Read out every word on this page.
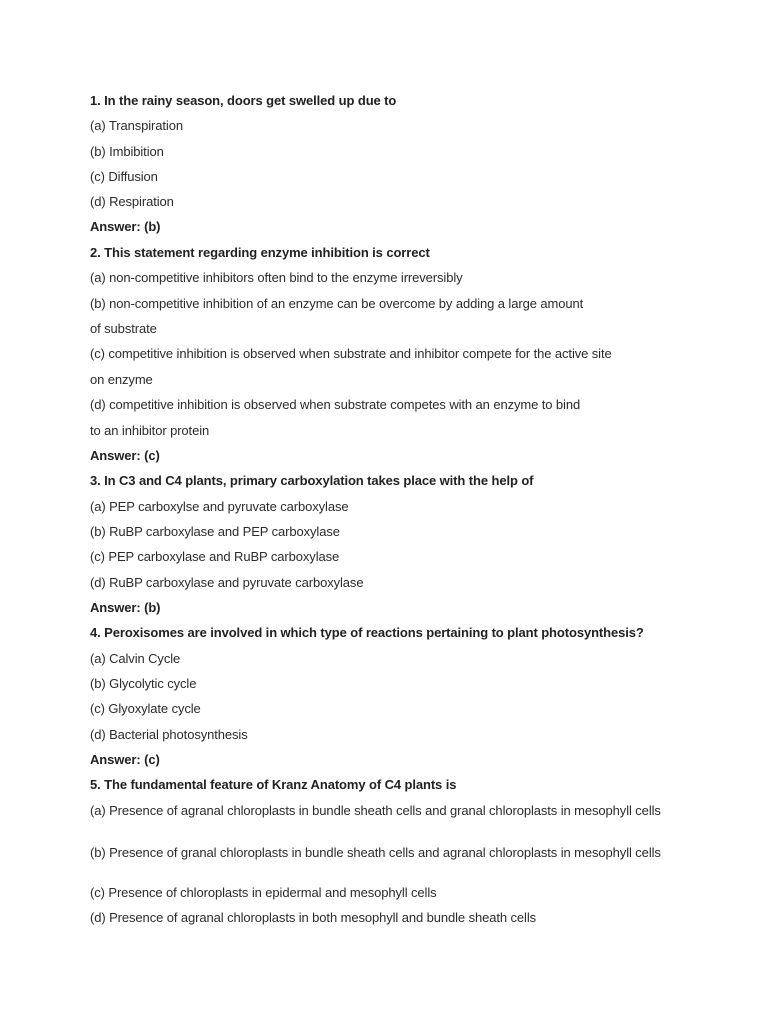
1. In the rainy season, doors get swelled up due to
(a) Transpiration
(b) Imbibition
(c) Diffusion
(d) Respiration
Answer: (b)
2. This statement regarding enzyme inhibition is correct
(a) non-competitive inhibitors often bind to the enzyme irreversibly
(b) non-competitive inhibition of an enzyme can be overcome by adding a large amount
of substrate
(c) competitive inhibition is observed when substrate and inhibitor compete for the active site
on enzyme
(d) competitive inhibition is observed when substrate competes with an enzyme to bind
to an inhibitor protein
Answer: (c)
3. In C3 and C4 plants, primary carboxylation takes place with the help of
(a) PEP carboxylse and pyruvate carboxylase
(b) RuBP carboxylase and PEP carboxylase
(c) PEP carboxylase and RuBP carboxylase
(d) RuBP carboxylase and pyruvate carboxylase
Answer: (b)
4. Peroxisomes are involved in which type of reactions pertaining to plant photosynthesis?
(a) Calvin Cycle
(b) Glycolytic cycle
(c) Glyoxylate cycle
(d) Bacterial photosynthesis
Answer: (c)
5. The fundamental feature of Kranz Anatomy of C4 plants is
(a) Presence of agranal chloroplasts in bundle sheath cells and granal chloroplasts in mesophyll cells
(b) Presence of granal chloroplasts in bundle sheath cells and agranal chloroplasts in mesophyll cells
(c) Presence of chloroplasts in epidermal and mesophyll cells
(d) Presence of agranal chloroplasts in both mesophyll and bundle sheath cells
